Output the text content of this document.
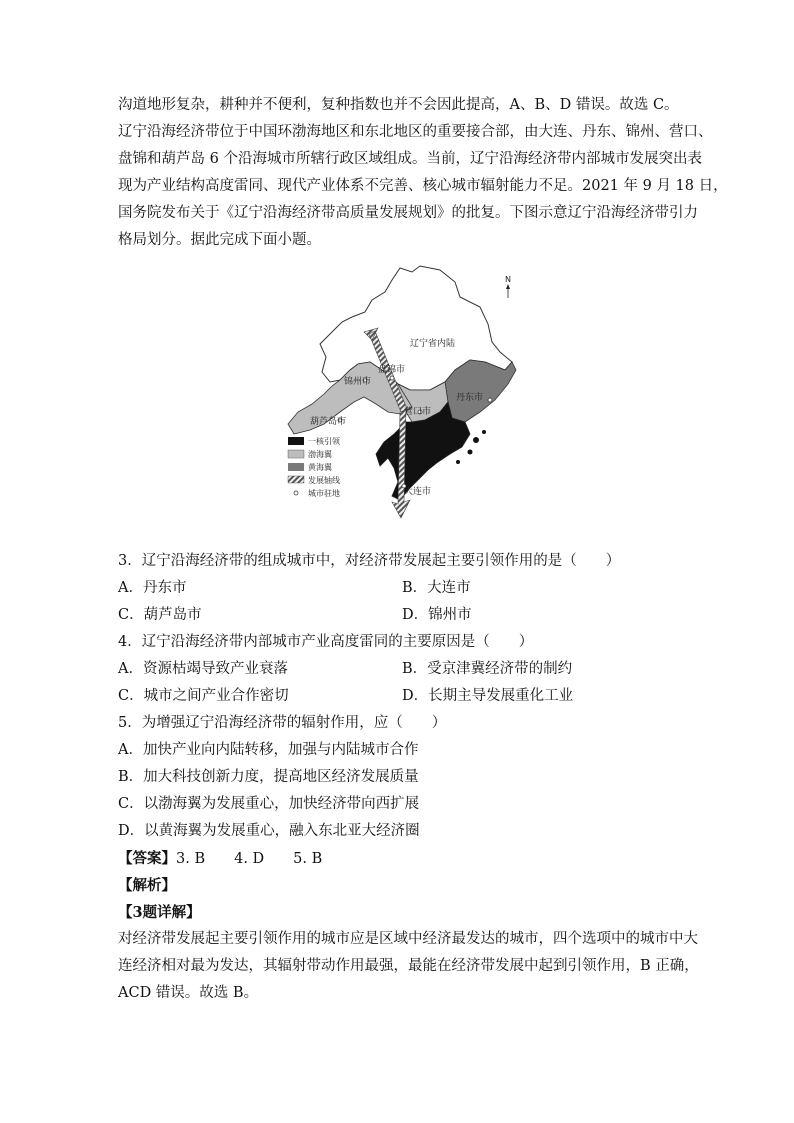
沟道地形复杂，耕种并不便利，复种指数也并不会因此提高，A、B、D 错误。故选 C。
辽宁沿海经济带位于中国环渤海地区和东北地区的重要接合部，由大连、丹东、锦州、营口、
盘锦和葫芦岛 6 个沿海城市所辖行政区域组成。当前，辽宁沿海经济带内部城市发展突出表
现为产业结构高度雷同、现代产业体系不完善、核心城市辐射能力不足。2021 年 9 月 18 日，
国务院发布关于《辽宁沿海经济带高质量发展规划》的批复。下图示意辽宁沿海经济带引力
格局划分。据此完成下面小题。
辽宁省内陆
盘锦市
锦州市
营口市
葫芦岛市
丹东市
大连市
N
一核引领
渤海翼
黄海翼
发展轴线
城市驻地
3．辽宁沿海经济带的组成城市中，对经济带发展起主要引领作用的是（　　）
A．丹东市	B．大连市
C．葫芦岛市	D．锦州市
4．辽宁沿海经济带内部城市产业高度雷同的主要原因是（　　）
A．资源枯竭导致产业衰落	B．受京津冀经济带的制约
C．城市之间产业合作密切	D．长期主导发展重化工业
5．为增强辽宁沿海经济带的辐射作用，应（　　）
A．加快产业向内陆转移，加强与内陆城市合作
B．加大科技创新力度，提高地区经济发展质量
C．以渤海翼为发展重心，加快经济带向西扩展
D．以黄海翼为发展重心，融入东北亚大经济圈
【答案】3. B　　4. D　　5. B
【解析】
【3题详解】
对经济带发展起主要引领作用的城市应是区域中经济最发达的城市，四个选项中的城市中大
连经济相对最为发达，其辐射带动作用最强，最能在经济带发展中起到引领作用，B 正确，
ACD 错误。故选 B。
